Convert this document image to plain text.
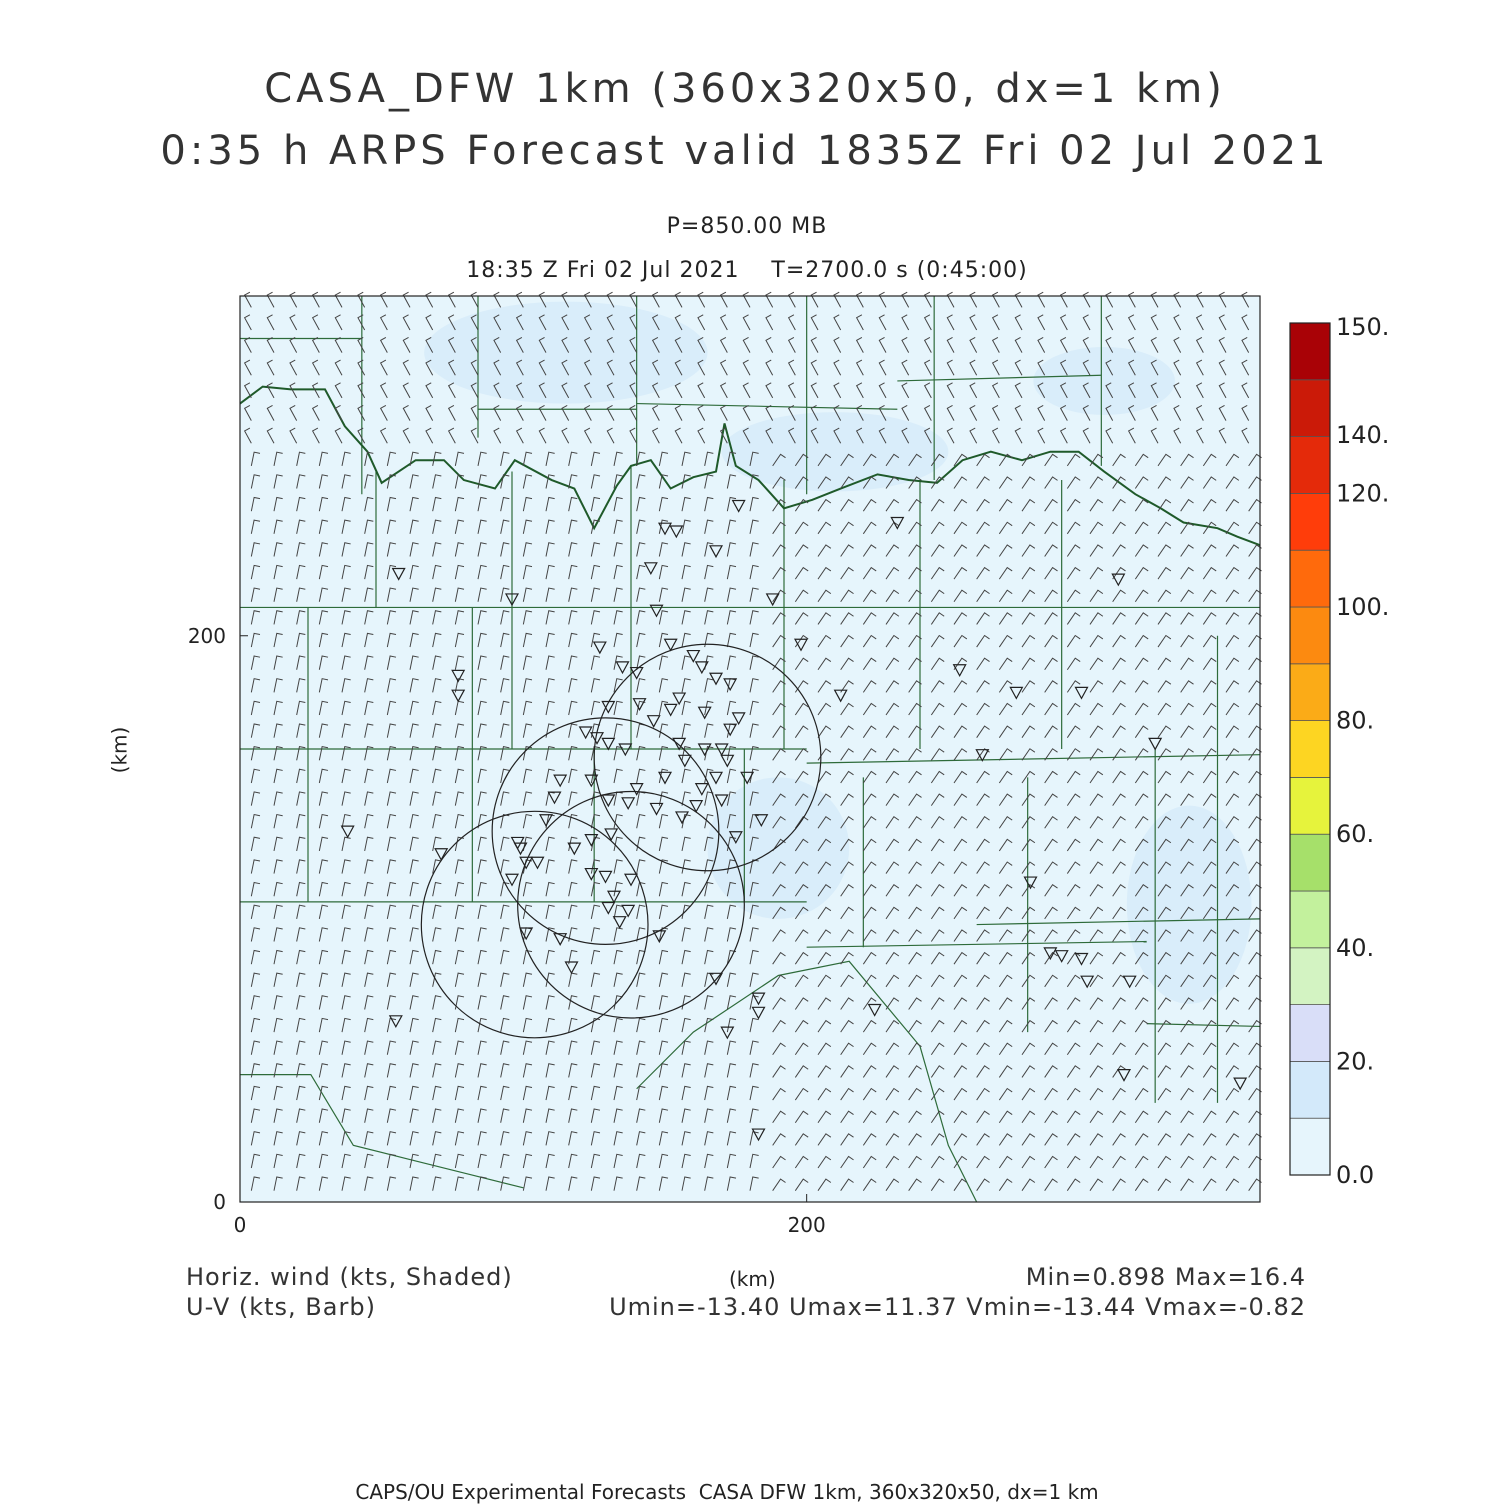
CASA_DFW 1km (360x320x50, dx=1 km)
0:35 h ARPS Forecast valid 1835Z Fri 02 Jul 2021
P=850.00 MB
18:35 Z Fri 02 Jul 2021    T=2700.0 s (0:45:00)
0	200
0
200
0.0
20.
40.
60.
80.
100.
120.
140.
150.
(km)
Horiz. wind (kts, Shaded)
U-V (kts, Barb)
(km)	Min=0.898 Max=16.4
Umin=-13.40 Umax=11.37 Vmin=-13.44 Vmax=-0.82
CAPS/OU Experimental Forecasts  CASA DFW 1km, 360x320x50, dx=1 km
